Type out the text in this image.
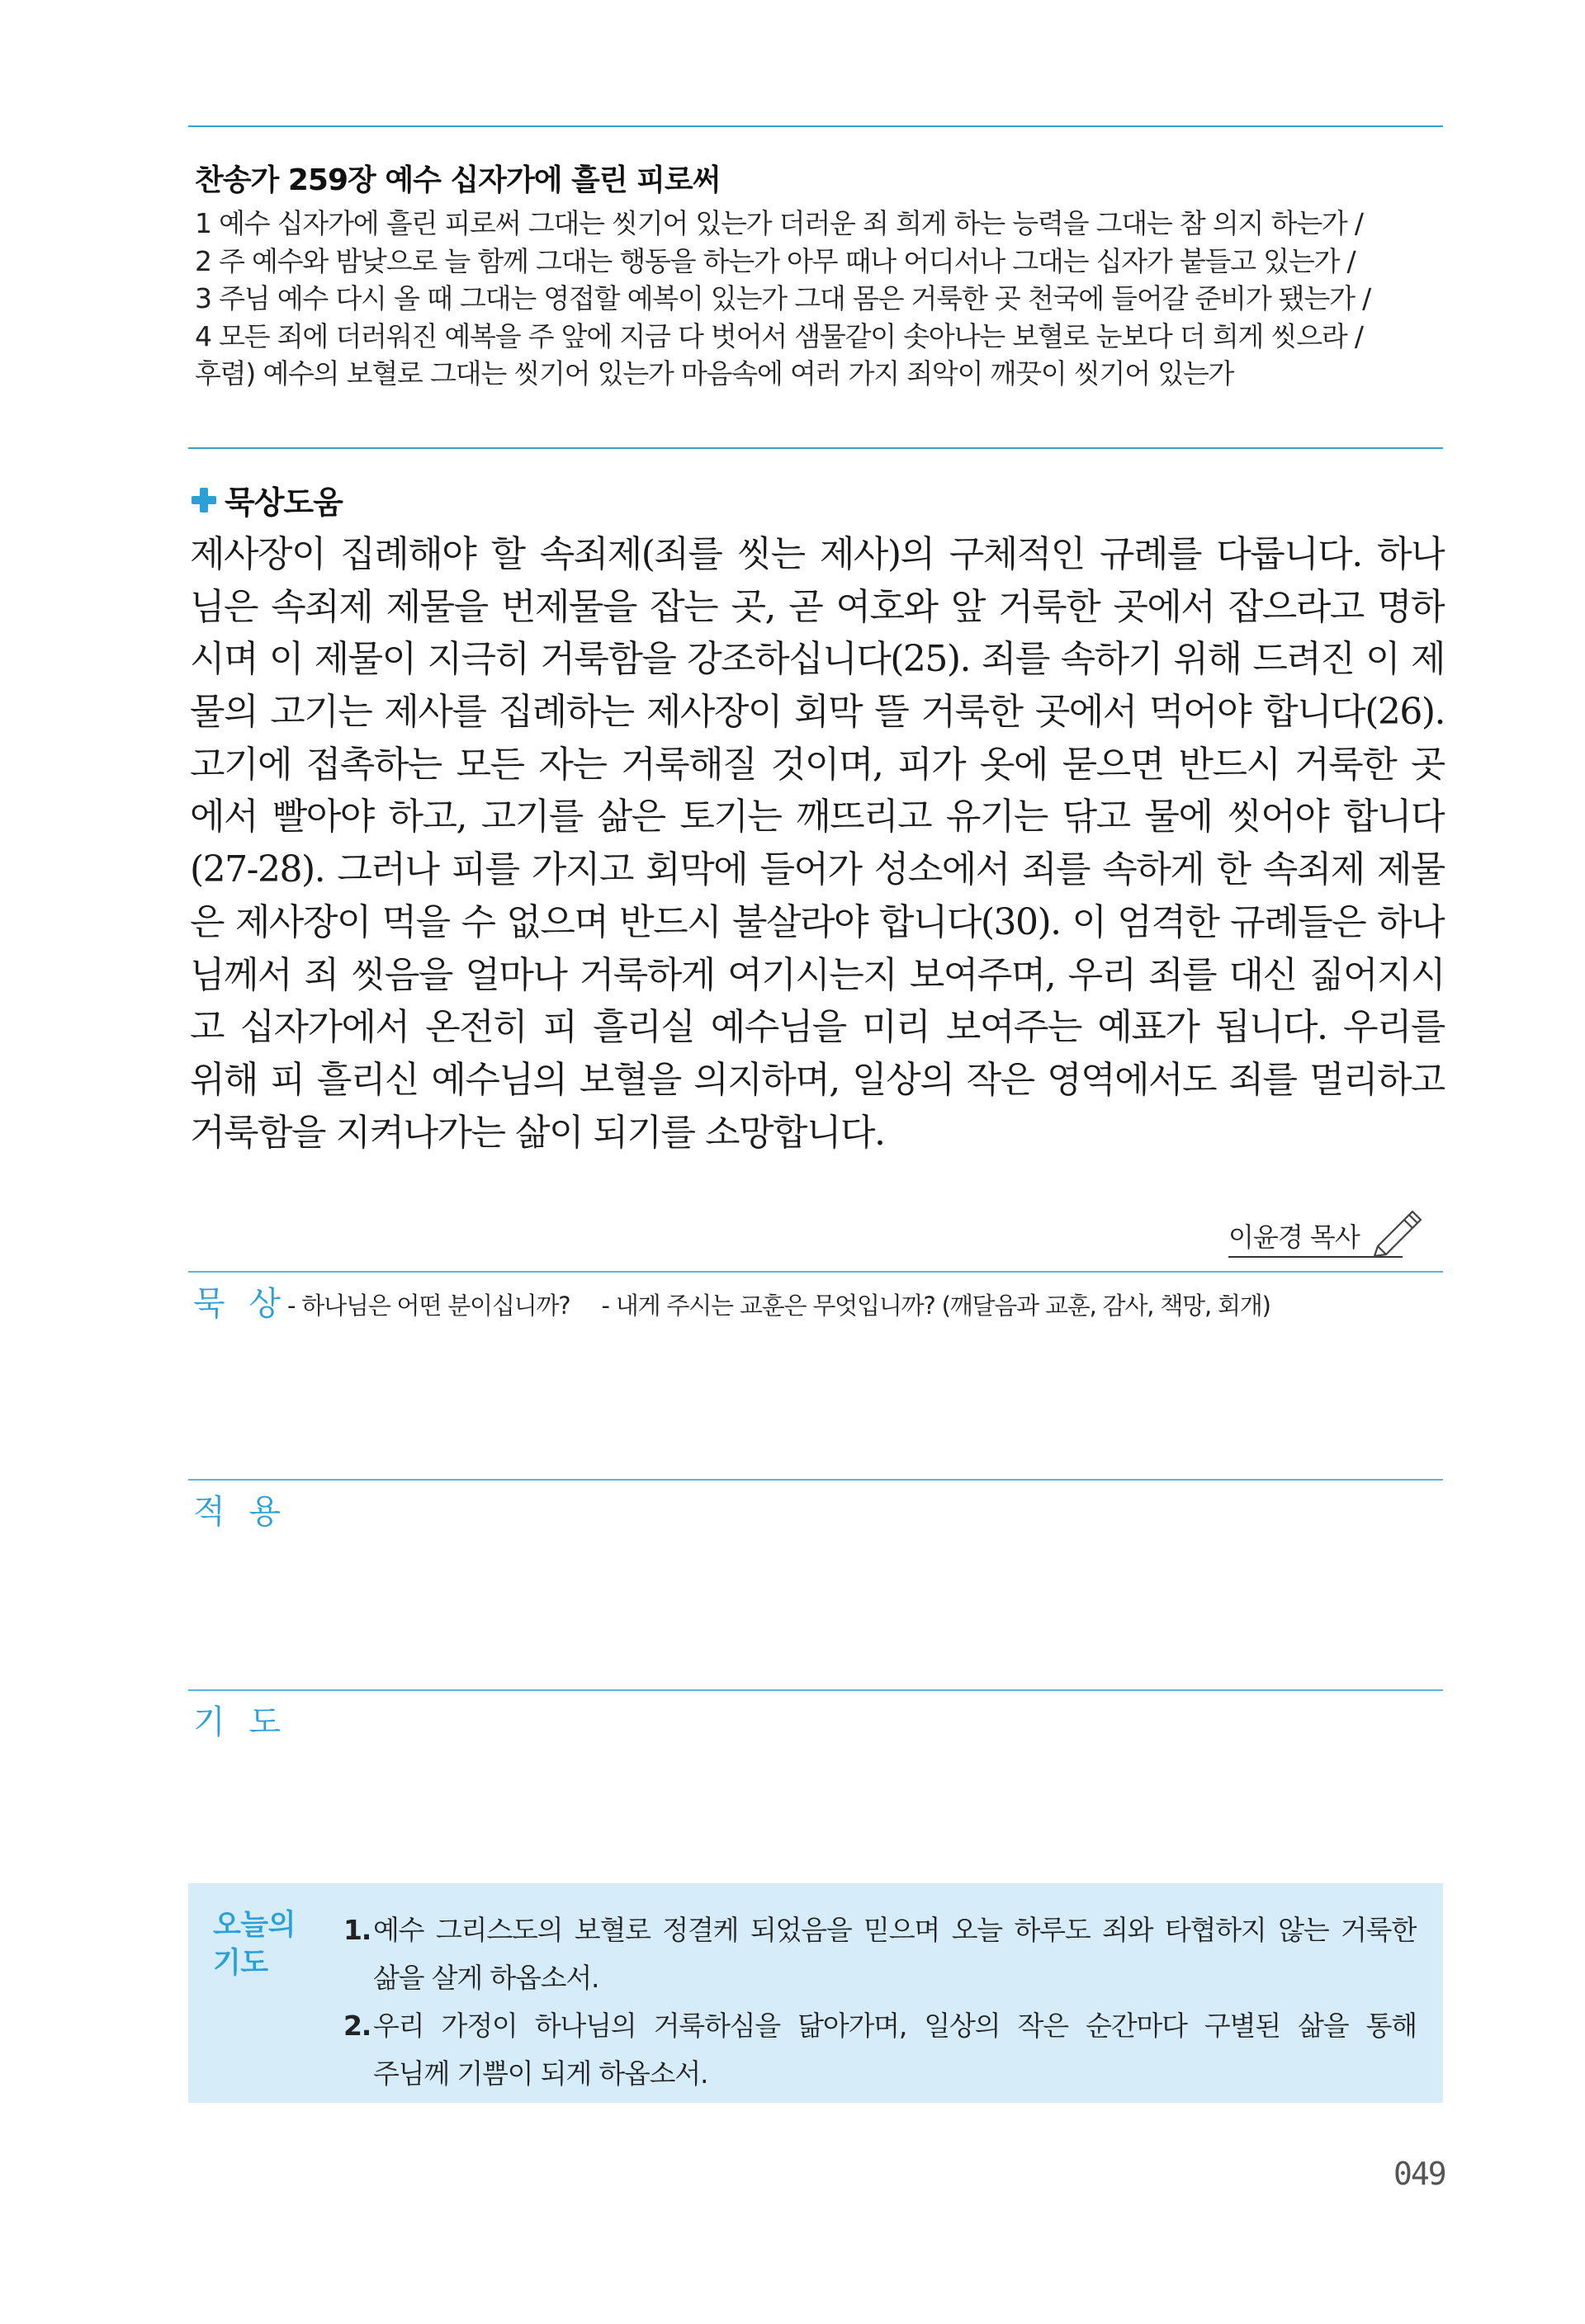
찬송가 259장 예수 십자가에 흘린 피로써
1 예수 십자가에 흘린 피로써 그대는 씻기어 있는가 더러운 죄 희게 하는 능력을 그대는 참 의지 하는가 /
2 주 예수와 밤낮으로 늘 함께 그대는 행동을 하는가 아무 때나 어디서나 그대는 십자가 붙들고 있는가 /
3 주님 예수 다시 올 때 그대는 영접할 예복이 있는가 그대 몸은 거룩한 곳 천국에 들어갈 준비가 됐는가 /
4 모든 죄에 더러워진 예복을 주 앞에 지금 다 벗어서 샘물같이 솟아나는 보혈로 눈보다 더 희게 씻으라 /
후렴) 예수의 보혈로 그대는 씻기어 있는가 마음속에 여러 가지 죄악이 깨끗이 씻기어 있는가
묵상도움
제사장이 집례해야 할 속죄제(죄를 씻는 제사)의 구체적인 규례를 다룹니다. 하나
님은 속죄제 제물을 번제물을 잡는 곳, 곧 여호와 앞 거룩한 곳에서 잡으라고 명하
시며 이 제물이 지극히 거룩함을 강조하십니다(25). 죄를 속하기 위해 드려진 이 제
물의 고기는 제사를 집례하는 제사장이 회막 뜰 거룩한 곳에서 먹어야 합니다(26).
고기에 접촉하는 모든 자는 거룩해질 것이며, 피가 옷에 묻으면 반드시 거룩한 곳
에서 빨아야 하고, 고기를 삶은 토기는 깨뜨리고 유기는 닦고 물에 씻어야 합니다
(27-28). 그러나 피를 가지고 회막에 들어가 성소에서 죄를 속하게 한 속죄제 제물
은 제사장이 먹을 수 없으며 반드시 불살라야 합니다(30). 이 엄격한 규례들은 하나
님께서 죄 씻음을 얼마나 거룩하게 여기시는지 보여주며, 우리 죄를 대신 짊어지시
고 십자가에서 온전히 피 흘리실 예수님을 미리 보여주는 예표가 됩니다. 우리를
위해 피 흘리신 예수님의 보혈을 의지하며, 일상의 작은 영역에서도 죄를 멀리하고
거룩함을 지켜나가는 삶이 되기를 소망합니다.
이윤경 목사
묵 상 - 하나님은 어떤 분이십니까? - 내게 주시는 교훈은 무엇입니까? (깨달음과 교훈, 감사, 책망, 회개)
적 용
기 도
오늘의
기도
1. 예수 그리스도의 보혈로 정결케 되었음을 믿으며 오늘 하루도 죄와 타협하지 않는 거룩한
삶을 살게 하옵소서.
2. 우리 가정이 하나님의 거룩하심을 닮아가며, 일상의 작은 순간마다 구별된 삶을 통해
주님께 기쁨이 되게 하옵소서.
049
